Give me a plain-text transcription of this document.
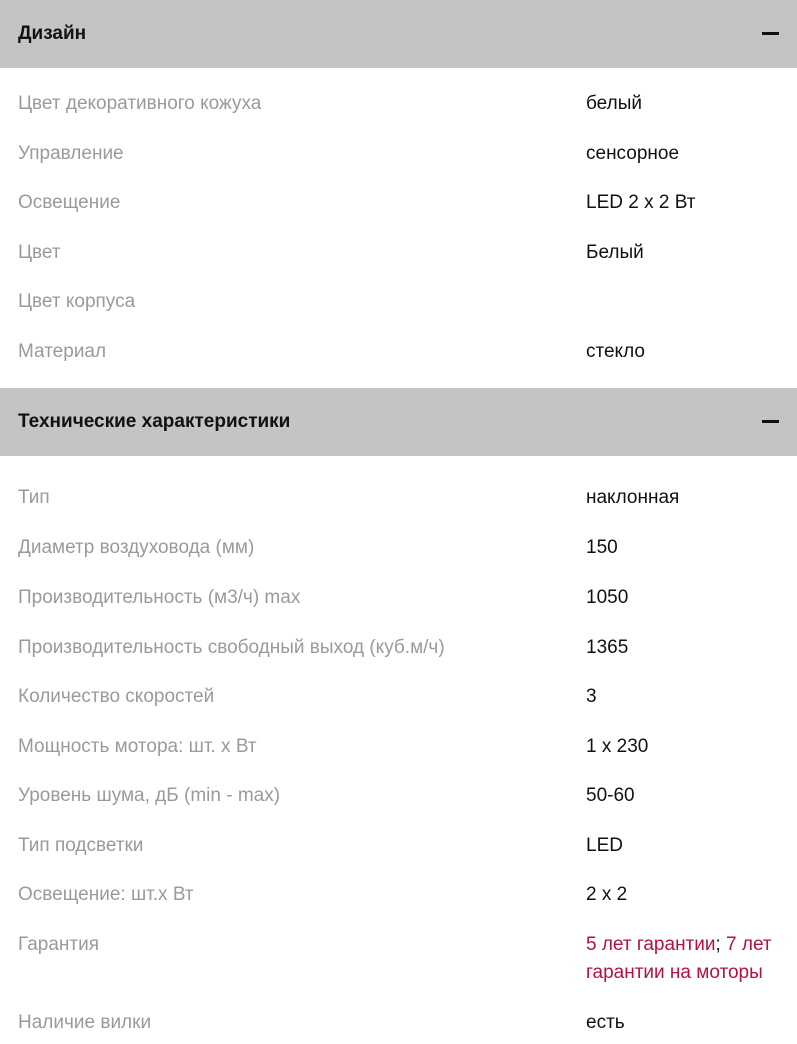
Дизайн
Цвет декоративного кожуха	белый
Управление	сенсорное
Освещение	LED 2 x 2 Вт
Цвет	Белый
Цвет корпуса
Материал	стекло
Технические характеристики
Тип	наклонная
Диаметр воздуховода (мм)	150
Производительность (м3/ч) max	1050
Производительность свободный выход (куб.м/ч)	1365
Количество скоростей	3
Мощность мотора: шт. х Вт	1 x 230
Уровень шума, дБ (min - max)	50-60
Тип подсветки	LED
Освещение: шт.х Вт	2 x 2
Гарантия	5 лет гарантии; 7 лет гарантии на моторы
Наличие вилки	есть
